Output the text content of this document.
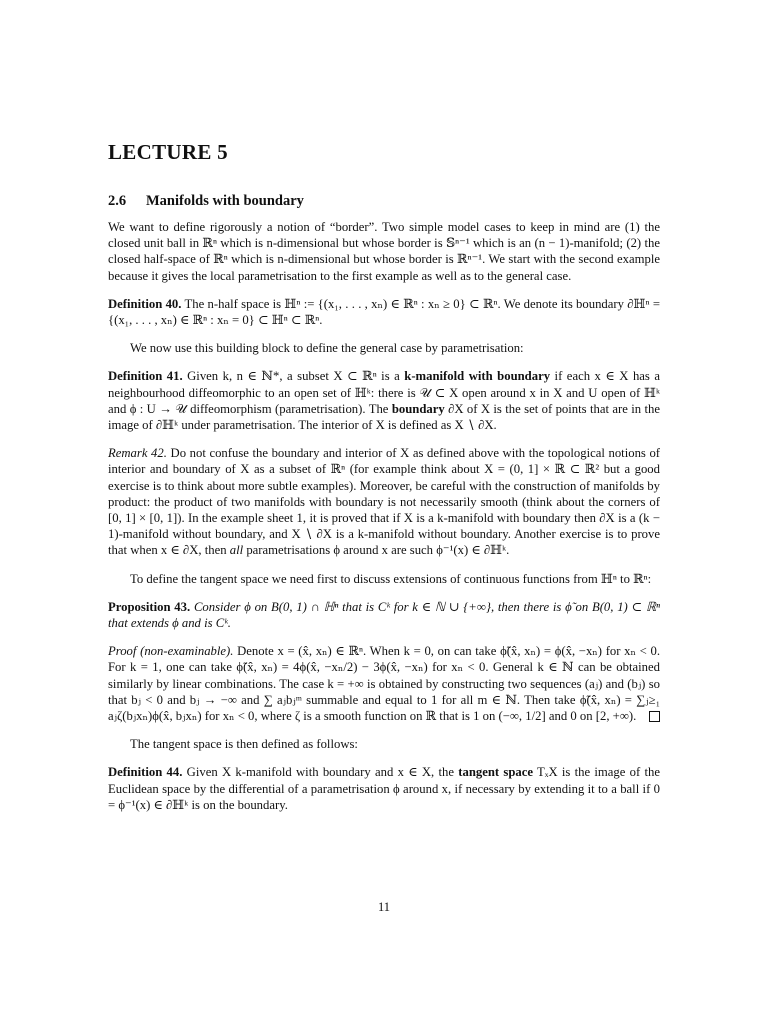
LECTURE 5
2.6 Manifolds with boundary

We want to define rigorously a notion of “border”. Two simple model cases to keep in mind are (1) the closed unit ball in ℝⁿ which is n-dimensional but whose border is 𝕊ⁿ⁻¹ which is an (n − 1)-manifold; (2) the closed half-space of ℝⁿ which is n-dimensional but whose border is ℝⁿ⁻¹. We start with the second example because it gives the local parametrisation to the first example as well as to the general case.

Definition 40. The n-half space is ℍⁿ := {(x₁, . . . , xₙ) ∈ ℝⁿ : xₙ ≥ 0} ⊂ ℝⁿ. We denote its boundary ∂ℍⁿ = {(x₁, . . . , xₙ) ∈ ℝⁿ : xₙ = 0} ⊂ ℍⁿ ⊂ ℝⁿ.

We now use this building block to define the general case by parametrisation:

Definition 41. Given k, n ∈ ℕ*, a subset X ⊂ ℝⁿ is a k-manifold with boundary if each x ∈ X has a neighbourhood diffeomorphic to an open set of ℍᵏ: there is 𝒰 ⊂ X open around x in X and U open of ℍᵏ and ϕ : U → 𝒰 diffeomorphism (parametrisation). The boundary ∂X of X is the set of points that are in the image of ∂ℍᵏ under parametrisation. The interior of X is defined as X ∖ ∂X.

Remark 42. Do not confuse the boundary and interior of X as defined above with the topological notions of interior and boundary of X as a subset of ℝⁿ (for example think about X = (0, 1] × ℝ ⊂ ℝ² but a good exercise is to think about more subtle examples). Moreover, be careful with the construction of manifolds by product: the product of two manifolds with boundary is not necessarily smooth (think about the corners of [0, 1] × [0, 1]). In the example sheet 1, it is proved that if X is a k-manifold with boundary then ∂X is a (k − 1)-manifold without boundary, and X ∖ ∂X is a k-manifold without boundary. Another exercise is to prove that when x ∈ ∂X, then all parametrisations ϕ around x are such ϕ⁻¹(x) ∈ ∂ℍᵏ.

To define the tangent space we need first to discuss extensions of continuous functions from ℍⁿ to ℝⁿ:

Proposition 43. Consider ϕ on B(0, 1) ∩ ℍⁿ that is Cᵏ for k ∈ ℕ ∪ {+∞}, then there is ϕ̃ on B(0, 1) ⊂ ℝⁿ that extends ϕ and is Cᵏ.

Proof (non-examinable). Denote x = (x̂, xₙ) ∈ ℝⁿ. When k = 0, on can take ϕ̃(x̂, xₙ) = ϕ(x̂, −xₙ) for xₙ < 0. For k = 1, one can take ϕ̃(x̂, xₙ) = 4ϕ(x̂, −xₙ/2) − 3ϕ(x̂, −xₙ) for xₙ < 0. General k ∈ ℕ can be obtained similarly by linear combinations. The case k = +∞ is obtained by constructing two sequences (aⱼ) and (bⱼ) so that bⱼ < 0 and bⱼ → −∞ and ∑ aⱼbⱼᵐ summable and equal to 1 for all m ∈ ℕ. Then take ϕ̃(x̂, xₙ) = ∑ⱼ≥₁ aⱼζ(bⱼxₙ)ϕ(x̂, bⱼxₙ) for xₙ < 0, where ζ is a smooth function on ℝ that is 1 on (−∞, 1/2] and 0 on [2, +∞).

The tangent space is then defined as follows:

Definition 44. Given X k-manifold with boundary and x ∈ X, the tangent space TₓX is the image of the Euclidean space by the differential of a parametrisation ϕ around x, if necessary by extending it to a ball if 0 = ϕ⁻¹(x) ∈ ∂ℍᵏ is on the boundary.

11
